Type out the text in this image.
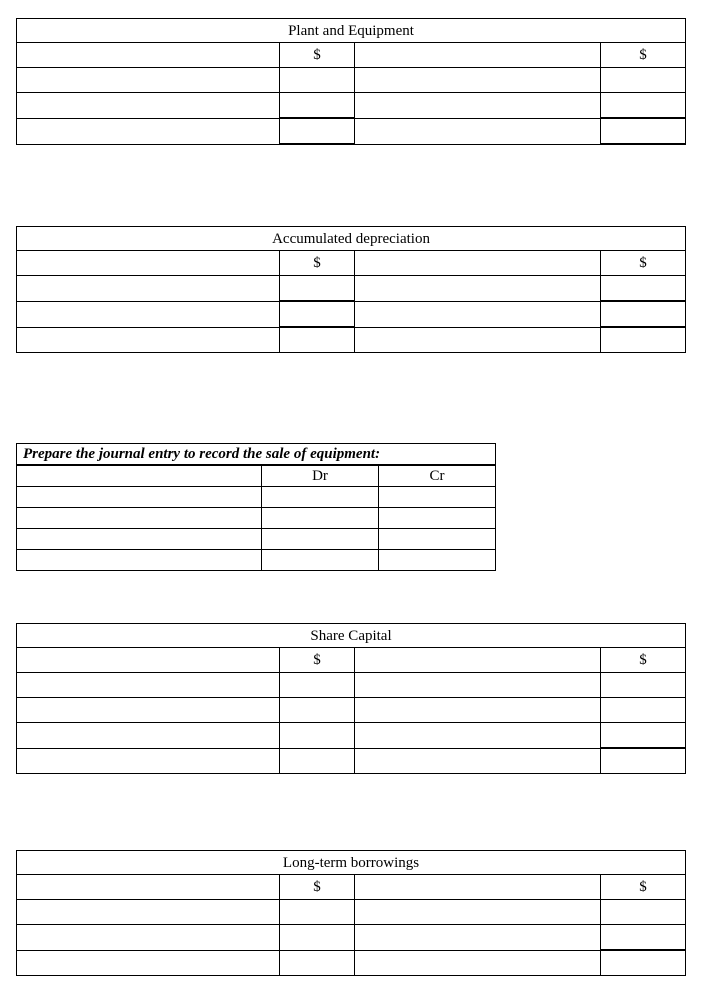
Plant and Equipment			
	$		$

Accumulated depreciation			
	$		$

Prepare the journal entry to record the sale of equipment:		
	Dr	Cr

Share Capital			
	$		$

Long-term borrowings			
	$		$
